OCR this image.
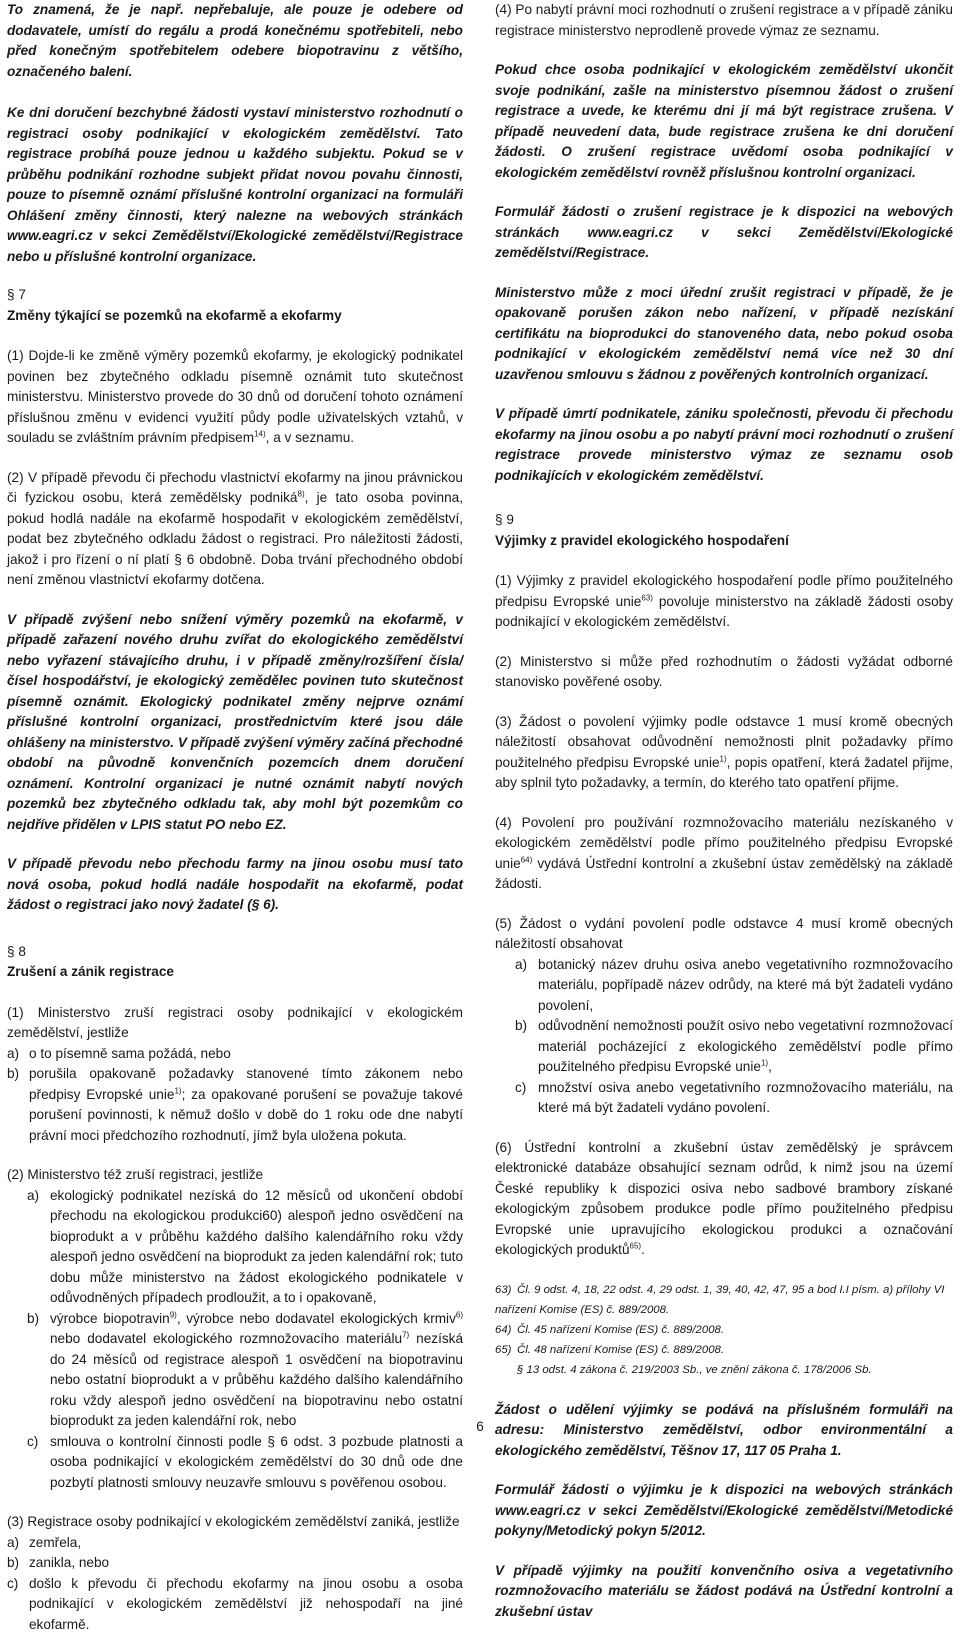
To znamená, že je např. nepřebaluje, ale pouze je odebere od dodavatele, umístí do regálu a prodá konečnému spotřebiteli, nebo před konečným spotřebitelem odebere biopotravinu z většího, označeného balení.

Ke dni doručení bezchybné žádosti vystaví ministerstvo rozhodnutí o registraci osoby podnikající v ekologickém zemědělství. Tato registrace probíhá pouze jednou u každého subjektu. Pokud se v průběhu podnikání rozhodne subjekt přidat novou povahu činnosti, pouze to písemně oznámí příslušné kontrolní organizaci na formuláři Ohlášení změny činnosti, který nalezne na webových stránkách www.eagri.cz v sekci Zemědělství/Ekologické zemědělství/Registrace nebo u příslušné kontrolní organizace.

§ 7

Změny týkající se pozemků na ekofarmě a ekofarmy

(1) Dojde-li ke změně výměry pozemků ekofarmy, je ekologický podnikatel povinen bez zbytečného odkladu písemně oznámit tuto skutečnost ministerstvu. Ministerstvo provede do 30 dnů od doručení tohoto oznámení příslušnou změnu v evidenci využití půdy podle uživatelských vztahů, v souladu se zvláštním právním předpisem$^{14)}$, a v seznamu.

(2) V případě převodu či přechodu vlastnictví ekofarmy na jinou právnickou či fyzickou osobu, která zemědělsky podniká$^{8)}$, je tato osoba povinna, pokud hodlá nadále na ekofarmě hospodařit v ekologickém zemědělství, podat bez zbytečného odkladu žádost o registraci. Pro náležitosti žádosti, jakož i pro řízení o ní platí § 6 obdobně. Doba trvání přechodného období není změnou vlastnictví ekofarmy dotčena.

V případě zvýšení nebo snížení výměry pozemků na ekofarmě, v případě zařazení nového druhu zvířat do ekologického zemědělství nebo vyřazení stávajícího druhu, i v případě změny/rozšíření čísla/čísel hospodářství, je ekologický zemědělec povinen tuto skutečnost písemně oznámit. Ekologický podnikatel změny nejprve oznámí příslušné kontrolní organizaci, prostřednictvím které jsou dále ohlášeny na ministerstvo. V případě zvýšení výměry začíná přechodné období na původně konvenčních pozemcích dnem doručení oznámení. Kontrolní organizaci je nutné oznámit nabytí nových pozemků bez zbytečného odkladu tak, aby mohl být pozemkům co nejdříve přidělen v LPIS statut PO nebo EZ.

V případě převodu nebo přechodu farmy na jinou osobu musí tato nová osoba, pokud hodlá nadále hospodařit na ekofarmě, podat žádost o registraci jako nový žadatel (§ 6).

§ 8

Zrušení a zánik registrace

(1) Ministerstvo zruší registraci osoby podnikající v ekologickém zemědělství, jestliže

a) o to písemně sama požádá, nebo
b) porušila opakovaně požadavky stanovené tímto zákonem nebo předpisy Evropské unie$^{1)}$; za opakované porušení se považuje takové porušení povinnosti, k němuž došlo v době do 1 roku ode dne nabytí právní moci předchozího rozhodnutí, jímž byla uložena pokuta.

(2) Ministerstvo též zruší registraci, jestliže

a) ekologický podnikatel nezíská do 12 měsíců od ukončení období přechodu na ekologickou produkci60) alespoň jedno osvědčení na bioprodukt a v průběhu každého dalšího kalendářního roku vždy alespoň jedno osvědčení na bioprodukt za jeden kalendářní rok; tuto dobu může ministerstvo na žádost ekologického podnikatele v odůvodněných případech prodloužit, a to i opakovaně,
b) výrobce biopotravin$^{9)}$, výrobce nebo dodavatel ekologických krmiv$^{6)}$ nebo dodavatel ekologického rozmnožovacího materiálu$^{7)}$ nezíská do 24 měsíců od registrace alespoň 1 osvědčení na biopotravinu nebo ostatní bioprodukt a v průběhu každého dalšího kalendářního roku vždy alespoň jedno osvědčení na biopotravinu nebo ostatní bioprodukt za jeden kalendářní rok, nebo
c) smlouva o kontrolní činnosti podle § 6 odst. 3 pozbude platnosti a osoba podnikající v ekologickém zemědělství do 30 dnů ode dne pozbytí platnosti smlouvy neuzavře smlouvu s pověřenou osobou.

(3) Registrace osoby podnikající v ekologickém zemědělství zaniká, jestliže

a) zemřela,
b) zanikla, nebo
c) došlo k převodu či přechodu ekofarmy na jinou osobu a osoba podnikající v ekologickém zemědělství již nehospodaří na jiné ekofarmě.

(4) Po nabytí právní moci rozhodnutí o zrušení registrace a v případě zániku registrace ministerstvo neprodleně provede výmaz ze seznamu.

Pokud chce osoba podnikající v ekologickém zemědělství ukončit svoje podnikání, zašle na ministerstvo písemnou žádost o zrušení registrace a uvede, ke kterému dni jí má být registrace zrušena. V případě neuvedení data, bude registrace zrušena ke dni doručení žádosti. O zrušení registrace uvědomí osoba podnikající v ekologickém zemědělství rovněž příslušnou kontrolní organizaci.

Formulář žádosti o zrušení registrace je k dispozici na webových stránkách www.eagri.cz v sekci Zemědělství/Ekologické zemědělství/Registrace.

Ministerstvo může z moci úřední zrušit registraci v případě, že je opakovaně porušen zákon nebo nařízení, v případě nezískání certifikátu na bioprodukci do stanoveného data, nebo pokud osoba podnikající v ekologickém zemědělství nemá více než 30 dní uzavřenou smlouvu s žádnou z pověřených kontrolních organizací.

V případě úmrtí podnikatele, zániku společnosti, převodu či přechodu ekofarmy na jinou osobu a po nabytí právní moci rozhodnutí o zrušení registrace provede ministerstvo výmaz ze seznamu osob podnikajících v ekologickém zemědělství.

§ 9

Výjimky z pravidel ekologického hospodaření

(1) Výjimky z pravidel ekologického hospodaření podle přímo použitelného předpisu Evropské unie$^{63)}$ povoluje ministerstvo na základě žádosti osoby podnikající v ekologickém zemědělství.

(2) Ministerstvo si může před rozhodnutím o žádosti vyžádat odborné stanovisko pověřené osoby.

(3) Žádost o povolení výjimky podle odstavce 1 musí kromě obecných náležitostí obsahovat odůvodnění nemožnosti plnit požadavky přímo použitelného předpisu Evropské unie$^{1)}$, popis opatření, která žadatel přijme, aby splnil tyto požadavky, a termín, do kterého tato opatření přijme.

(4) Povolení pro používání rozmnožovacího materiálu nezískaného v ekologickém zemědělství podle přímo použitelného předpisu Evropské unie$^{64)}$ vydává Ústřední kontrolní a zkušební ústav zemědělský na základě žádosti.

(5) Žádost o vydání povolení podle odstavce 4 musí kromě obecných náležitostí obsahovat

a) botanický název druhu osiva anebo vegetativního rozmnožovacího materiálu, popřípadě název odrůdy, na které má být žadateli vydáno povolení,
b) odůvodnění nemožnosti použít osivo nebo vegetativní rozmnožovací materiál pocházející z ekologického zemědělství podle přímo použitelného předpisu Evropské unie$^{1)}$,
c) množství osiva anebo vegetativního rozmnožovacího materiálu, na které má být žadateli vydáno povolení.

(6) Ústřední kontrolní a zkušební ústav zemědělský je správcem elektronické databáze obsahující seznam odrůd, k nimž jsou na území České republiky k dispozici osiva nebo sadbové brambory získané ekologickým způsobem produkce podle přímo použitelného předpisu Evropské unie upravujícího ekologickou produkci a označování ekologických produktů$^{65)}$.

63) Čl. 9 odst. 4, 18, 22 odst. 4, 29 odst. 1, 39, 40, 42, 47, 95 a bod I.I písm. a) přílohy VI nařízení Komise (ES) č. 889/2008.

64) Čl. 45 nařízení Komise (ES) č. 889/2008.

65) Čl. 48 nařízení Komise (ES) č. 889/2008.

§ 13 odst. 4 zákona č. 219/2003 Sb., ve znění zákona č. 178/2006 Sb.

Žádost o udělení výjimky se podává na příslušném formuláři na adresu: Ministerstvo zemědělství, odbor environmentální a ekologického zemědělství, Těšnov 17, 117 05 Praha 1.

Formulář žádosti o výjimku je k dispozici na webových stránkách www.eagri.cz v sekci Zemědělství/Ekologické zemědělství/Metodické pokyny/Metodický pokyn 5/2012.

V případě výjimky na použití konvenčního osiva a vegetativního rozmnožovacího materiálu se žádost podává na Ústřední kontrolní a zkušební ústav

6
